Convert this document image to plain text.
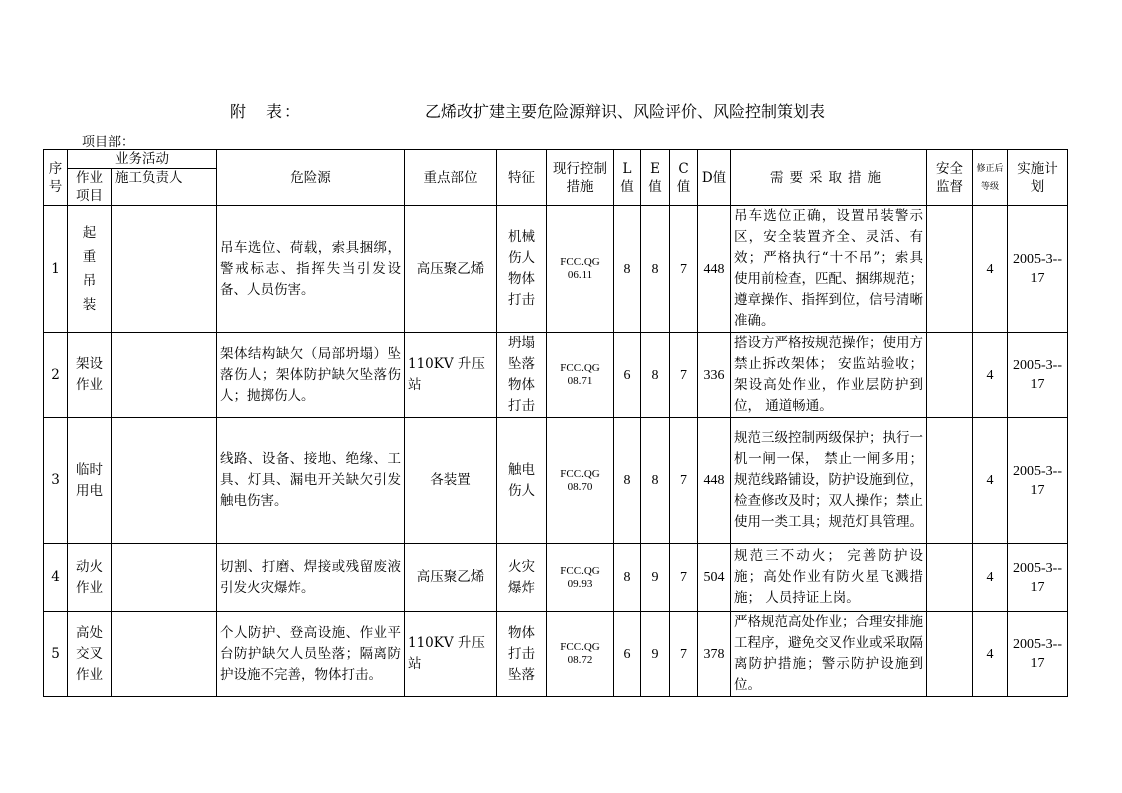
附　表：	乙烯改扩建主要危险源辩识、风险评价、风险控制策划表
项目部：
序号	业务活动		危险源	重点部位	特征	现行控制措施	L值	E值	C值	D值	需要采取措施	安全监督	修正后等级	实施计划
	作业项目	施工负责人												
1	起重吊装		吊车选位、荷载，索具捆绑，警戒标志、指挥失当引发设备、人员伤害。	高压聚乙烯	机械伤人物体打击	FCC.QG 06.11	8	8	7	448	吊车选位正确，设置吊装警示区，安全装置齐全、灵活、有效；严格执行“十不吊”；索具使用前检查，匹配、捆绑规范；遵章操作、指挥到位，信号清晰准确。		4	2005-3--17
2	架设作业		架体结构缺欠（局部坍塌）坠落伤人；架体防护缺欠坠落伤人；抛掷伤人。	110KV 升压站	坍塌坠落物体打击	FCC.QG 08.71	6	8	7	336	搭设方严格按规范操作；使用方禁止拆改架体； 安监站验收；架设高处作业，作业层防护到位， 通道畅通。		4	2005-3--17
3	临时用电		线路、设备、接地、绝缘、工具、灯具、漏电开关缺欠引发触电伤害。	各装置	触电伤人	FCC.QG 08.70	8	8	7	448	规范三级控制两级保护；执行一机一闸一保， 禁止一闸多用；规范线路铺设，防护设施到位，检查修改及时；双人操作；禁止使用一类工具；规范灯具管理。		4	2005-3--17
4	动火作业		切割、打磨、焊接或残留废液引发火灾爆炸。	高压聚乙烯	火灾爆炸	FCC.QG 09.93	8	9	7	504	规范三不动火； 完善防护设施；高处作业有防火星飞溅措施； 人员持证上岗。		4	2005-3--17
5	高处交叉作业		个人防护、登高设施、作业平台防护缺欠人员坠落；隔离防护设施不完善，物体打击。	110KV 升压站	物体打击坠落	FCC.QG 08.72	6	9	7	378	严格规范高处作业；合理安排施工程序，避免交叉作业或采取隔离防护措施；警示防护设施到位。		4	2005-3--17
